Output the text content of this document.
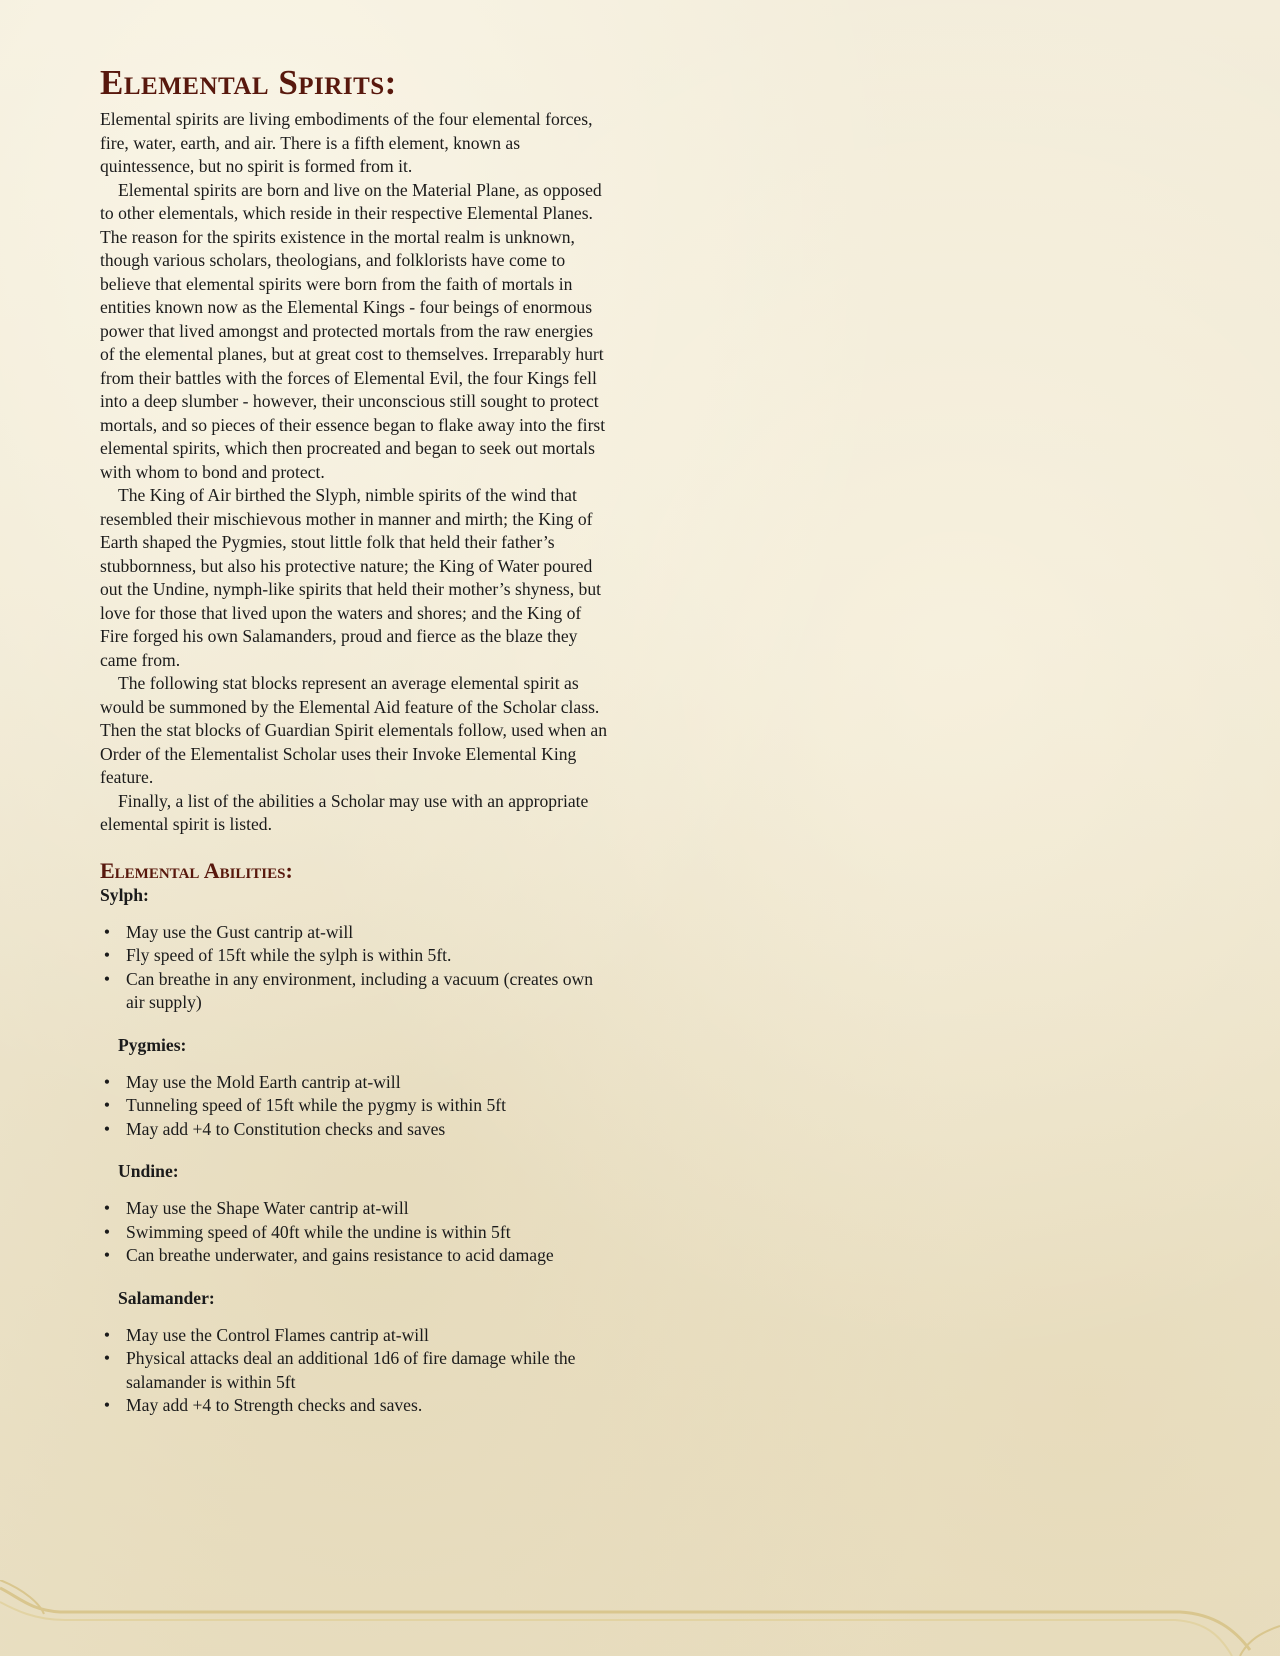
Elemental Spirits:

Elemental spirits are living embodiments of the four elemental forces, fire, water, earth, and air. There is a fifth element, known as quintessence, but no spirit is formed from it.

Elemental spirits are born and live on the Material Plane, as opposed to other elementals, which reside in their respective Elemental Planes. The reason for the spirits existence in the mortal realm is unknown, though various scholars, theologians, and folklorists have come to believe that elemental spirits were born from the faith of mortals in entities known now as the Elemental Kings - four beings of enormous power that lived amongst and protected mortals from the raw energies of the elemental planes, but at great cost to themselves. Irreparably hurt from their battles with the forces of Elemental Evil, the four Kings fell into a deep slumber - however, their unconscious still sought to protect mortals, and so pieces of their essence began to flake away into the first elemental spirits, which then procreated and began to seek out mortals with whom to bond and protect.

The King of Air birthed the Slyph, nimble spirits of the wind that resembled their mischievous mother in manner and mirth; the King of Earth shaped the Pygmies, stout little folk that held their father’s stubbornness, but also his protective nature; the King of Water poured out the Undine, nymph-like spirits that held their mother’s shyness, but love for those that lived upon the waters and shores; and the King of Fire forged his own Salamanders, proud and fierce as the blaze they came from.

The following stat blocks represent an average elemental spirit as would be summoned by the Elemental Aid feature of the Scholar class. Then the stat blocks of Guardian Spirit elementals follow, used when an Order of the Elementalist Scholar uses their Invoke Elemental King feature.

Finally, a list of the abilities a Scholar may use with an appropriate elemental spirit is listed.

Elemental Abilities:
Sylph:
• May use the Gust cantrip at-will
• Fly speed of 15ft while the sylph is within 5ft.
• Can breathe in any environment, including a vacuum (creates own air supply)
Pygmies:
• May use the Mold Earth cantrip at-will
• Tunneling speed of 15ft while the pygmy is within 5ft
• May add +4 to Constitution checks and saves
Undine:
• May use the Shape Water cantrip at-will
• Swimming speed of 40ft while the undine is within 5ft
• Can breathe underwater, and gains resistance to acid damage
Salamander:
• May use the Control Flames cantrip at-will
• Physical attacks deal an additional 1d6 of fire damage while the salamander is within 5ft
• May add +4 to Strength checks and saves.
